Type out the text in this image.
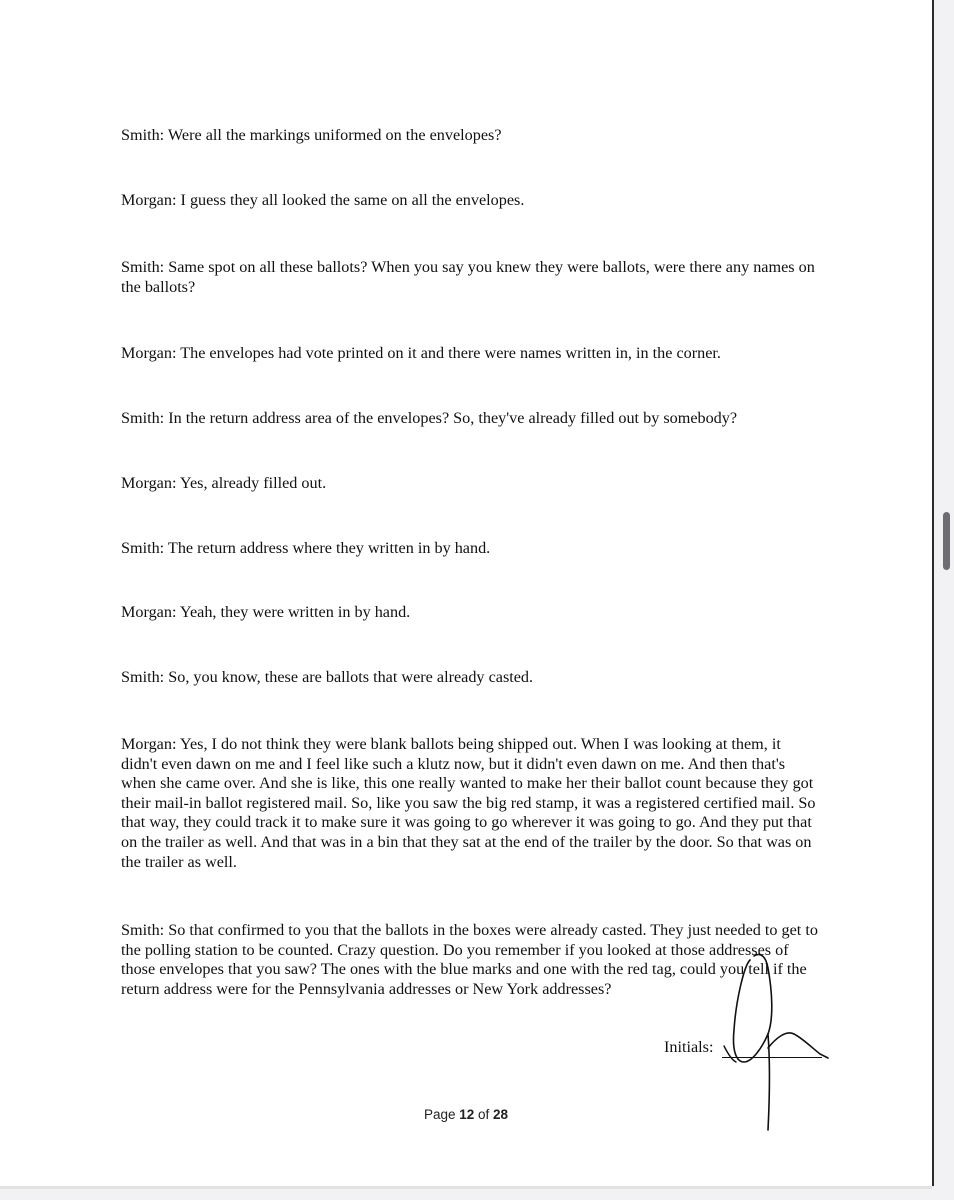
Smith: Were all the markings uniformed on the envelopes?

Morgan: I guess they all looked the same on all the envelopes.

Smith: Same spot on all these ballots? When you say you knew they were ballots, were there any names on the ballots?

Morgan: The envelopes had vote printed on it and there were names written in, in the corner.

Smith: In the return address area of the envelopes? So, they've already filled out by somebody?

Morgan: Yes, already filled out.

Smith: The return address where they written in by hand.

Morgan: Yeah, they were written in by hand.

Smith: So, you know, these are ballots that were already casted.

Morgan: Yes, I do not think they were blank ballots being shipped out. When I was looking at them, it didn't even dawn on me and I feel like such a klutz now, but it didn't even dawn on me. And then that's when she came over. And she is like, this one really wanted to make her their ballot count because they got their mail-in ballot registered mail. So, like you saw the big red stamp, it was a registered certified mail. So that way, they could track it to make sure it was going to go wherever it was going to go. And they put that on the trailer as well. And that was in a bin that they sat at the end of the trailer by the door. So that was on the trailer as well.

Smith: So that confirmed to you that the ballots in the boxes were already casted. They just needed to get to the polling station to be counted. Crazy question. Do you remember if you looked at those addresses of those envelopes that you saw? The ones with the blue marks and one with the red tag, could you tell if the return address were for the Pennsylvania addresses or New York addresses?

Initials:
Page 12 of 28
